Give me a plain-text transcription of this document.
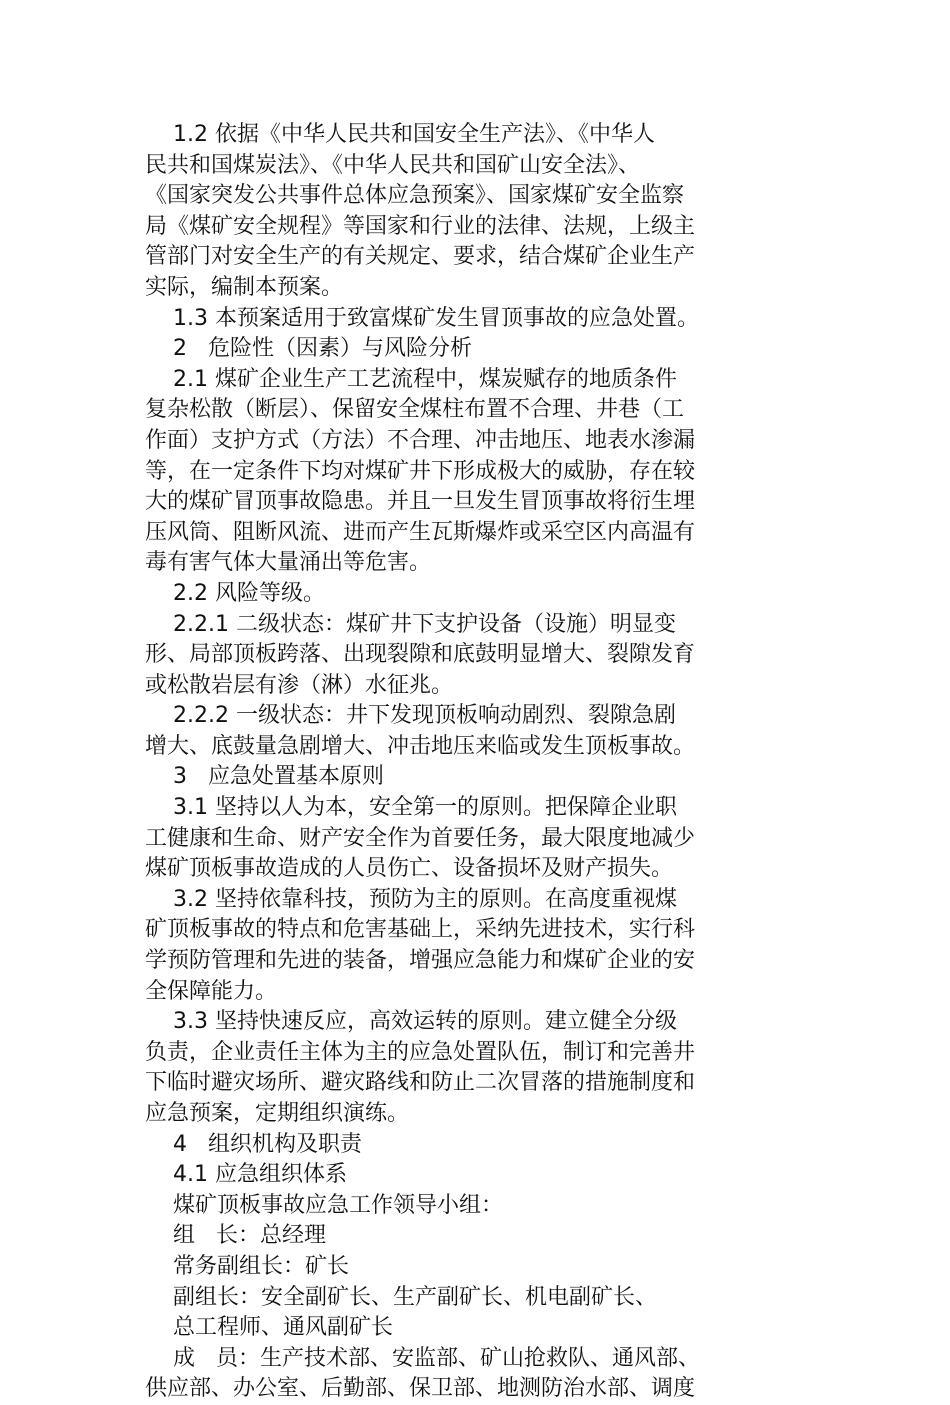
1.2 依据《中华人民共和国安全生产法》、《中华人
民共和国煤炭法》、《中华人民共和国矿山安全法》、
《国家突发公共事件总体应急预案》、国家煤矿安全监察
局《煤矿安全规程》等国家和行业的法律、法规，上级主
管部门对安全生产的有关规定、要求，结合煤矿企业生产
实际，编制本预案。
1.3 本预案适用于致富煤矿发生冒顶事故的应急处置。
2   危险性（因素）与风险分析
2.1 煤矿企业生产工艺流程中，煤炭赋存的地质条件
复杂松散（断层）、保留安全煤柱布置不合理、井巷（工
作面）支护方式（方法）不合理、冲击地压、地表水渗漏
等，在一定条件下均对煤矿井下形成极大的威胁，存在较
大的煤矿冒顶事故隐患。并且一旦发生冒顶事故将衍生埋
压风筒、阻断风流、进而产生瓦斯爆炸或采空区内高温有
毒有害气体大量涌出等危害。
2.2 风险等级。
2.2.1 二级状态：煤矿井下支护设备（设施）明显变
形、局部顶板跨落、出现裂隙和底鼓明显增大、裂隙发育
或松散岩层有渗（淋）水征兆。
2.2.2 一级状态：井下发现顶板响动剧烈、裂隙急剧
增大、底鼓量急剧增大、冲击地压来临或发生顶板事故。
3   应急处置基本原则
3.1 坚持以人为本，安全第一的原则。把保障企业职
工健康和生命、财产安全作为首要任务，最大限度地减少
煤矿顶板事故造成的人员伤亡、设备损坏及财产损失。
3.2 坚持依靠科技，预防为主的原则。在高度重视煤
矿顶板事故的特点和危害基础上，采纳先进技术，实行科
学预防管理和先进的装备，增强应急能力和煤矿企业的安
全保障能力。
3.3 坚持快速反应，高效运转的原则。建立健全分级
负责，企业责任主体为主的应急处置队伍，制订和完善井
下临时避灾场所、避灾路线和防止二次冒落的措施制度和
应急预案，定期组织演练。
4   组织机构及职责
4.1 应急组织体系
煤矿顶板事故应急工作领导小组：
组   长：总经理
常务副组长：矿长
副组长：安全副矿长、生产副矿长、机电副矿长、
总工程师、通风副矿长
成   员：生产技术部、安监部、矿山抢救队、通风部、
供应部、办公室、后勤部、保卫部、地测防治水部、调度
